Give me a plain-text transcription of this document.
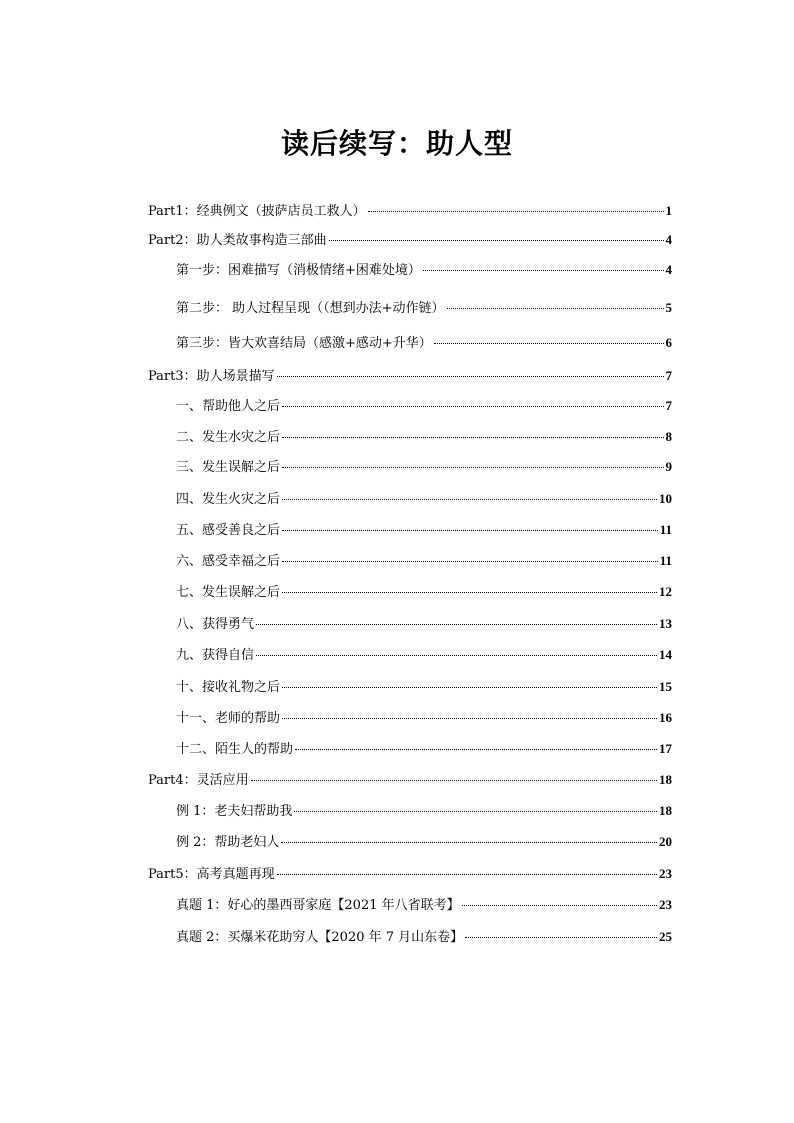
读后续写：助人型
Part1：经典例文（披萨店员工救人）	1
Part2：助人类故事构造三部曲	4
第一步：困难描写（消极情绪+困难处境）	4
第二步： 助人过程呈现（（想到办法+动作链）	5
第三步：皆大欢喜结局（感激+感动+升华）	6
Part3：助人场景描写	7
一、帮助他人之后	7
二、发生水灾之后	8
三、发生误解之后	9
四、发生火灾之后	10
五、感受善良之后	11
六、感受幸福之后	11
七、发生误解之后	12
八、获得勇气	13
九、获得自信	14
十、接收礼物之后	15
十一、老师的帮助	16
十二、陌生人的帮助	17
Part4：灵活应用	18
例 1：老夫妇帮助我	18
例 2：帮助老妇人	20
Part5：高考真题再现	23
真题 1：好心的墨西哥家庭【2021 年八省联考】	23
真题 2：买爆米花助穷人【2020 年 7 月山东卷】	25
